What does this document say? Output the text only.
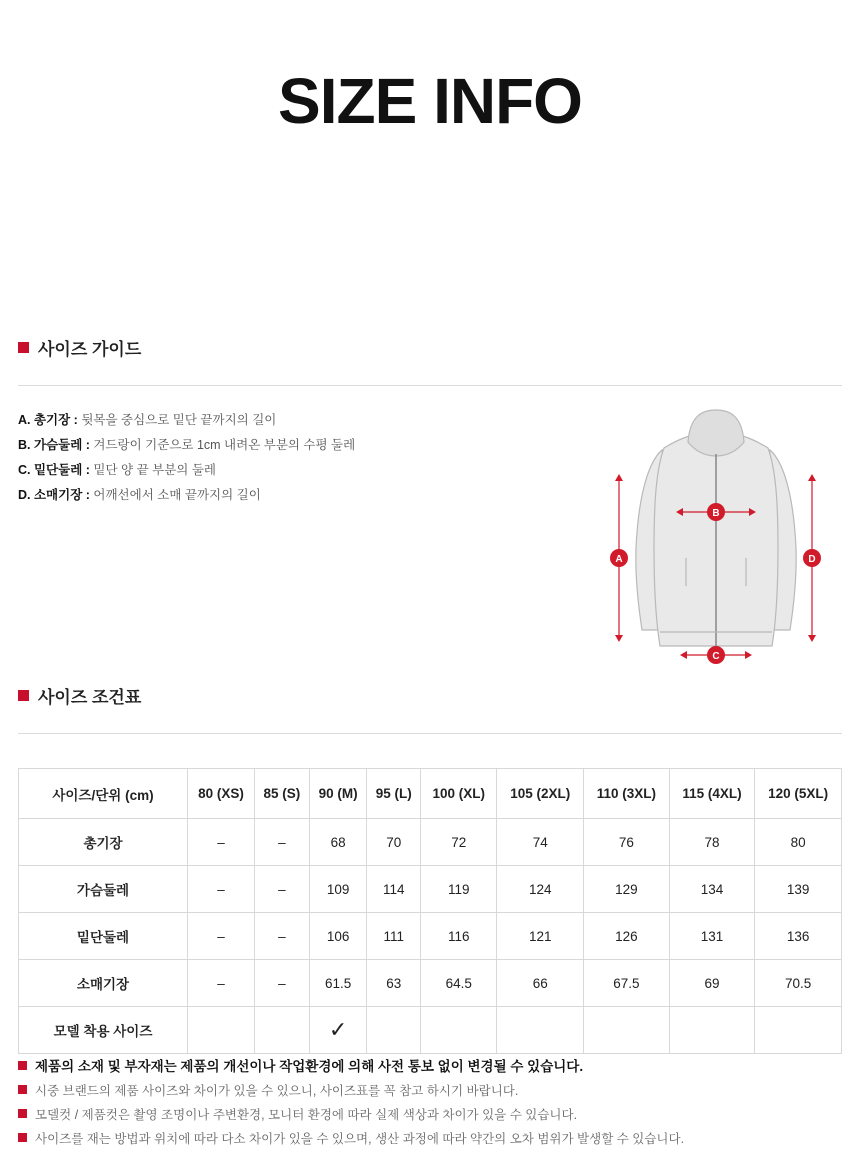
SIZE INFO
사이즈 가이드
A. 총기장 : 뒷목을 중심으로 밑단 끝까지의 길이
B. 가슴둘레 : 겨드랑이 기준으로 1cm 내려온 부분의 수평 둘레
C. 밑단둘레 : 밑단 양 끝 부분의 둘레
D. 소매기장 : 어깨선에서 소매 끝까지의 길이
A
B
C
D
사이즈 조건표
사이즈/단위 (cm)	80 (XS)	85 (S)	90 (M)	95 (L)	100 (XL)	105 (2XL)	110 (3XL)	115 (4XL)	120 (5XL)
총기장	–	–	68	70	72	74	76	78	80
가슴둘레	–	–	109	114	119	124	129	134	139
밑단둘레	–	–	106	111	116	121	126	131	136
소매기장	–	–	61.5	63	64.5	66	67.5	69	70.5
모델 착용 사이즈			✓						
제품의 소재 및 부자재는 제품의 개선이나 작업환경에 의해 사전 통보 없이 변경될 수 있습니다.
시중 브랜드의 제품 사이즈와 차이가 있을 수 있으니, 사이즈표를 꼭 참고 하시기 바랍니다.
모델컷 / 제품컷은 촬영 조명이나 주변환경, 모니터 환경에 따라 실제 색상과 차이가 있을 수 있습니다.
사이즈를 재는 방법과 위치에 따라 다소 차이가 있을 수 있으며, 생산 과정에 따라 약간의 오차 범위가 발생할 수 있습니다.
